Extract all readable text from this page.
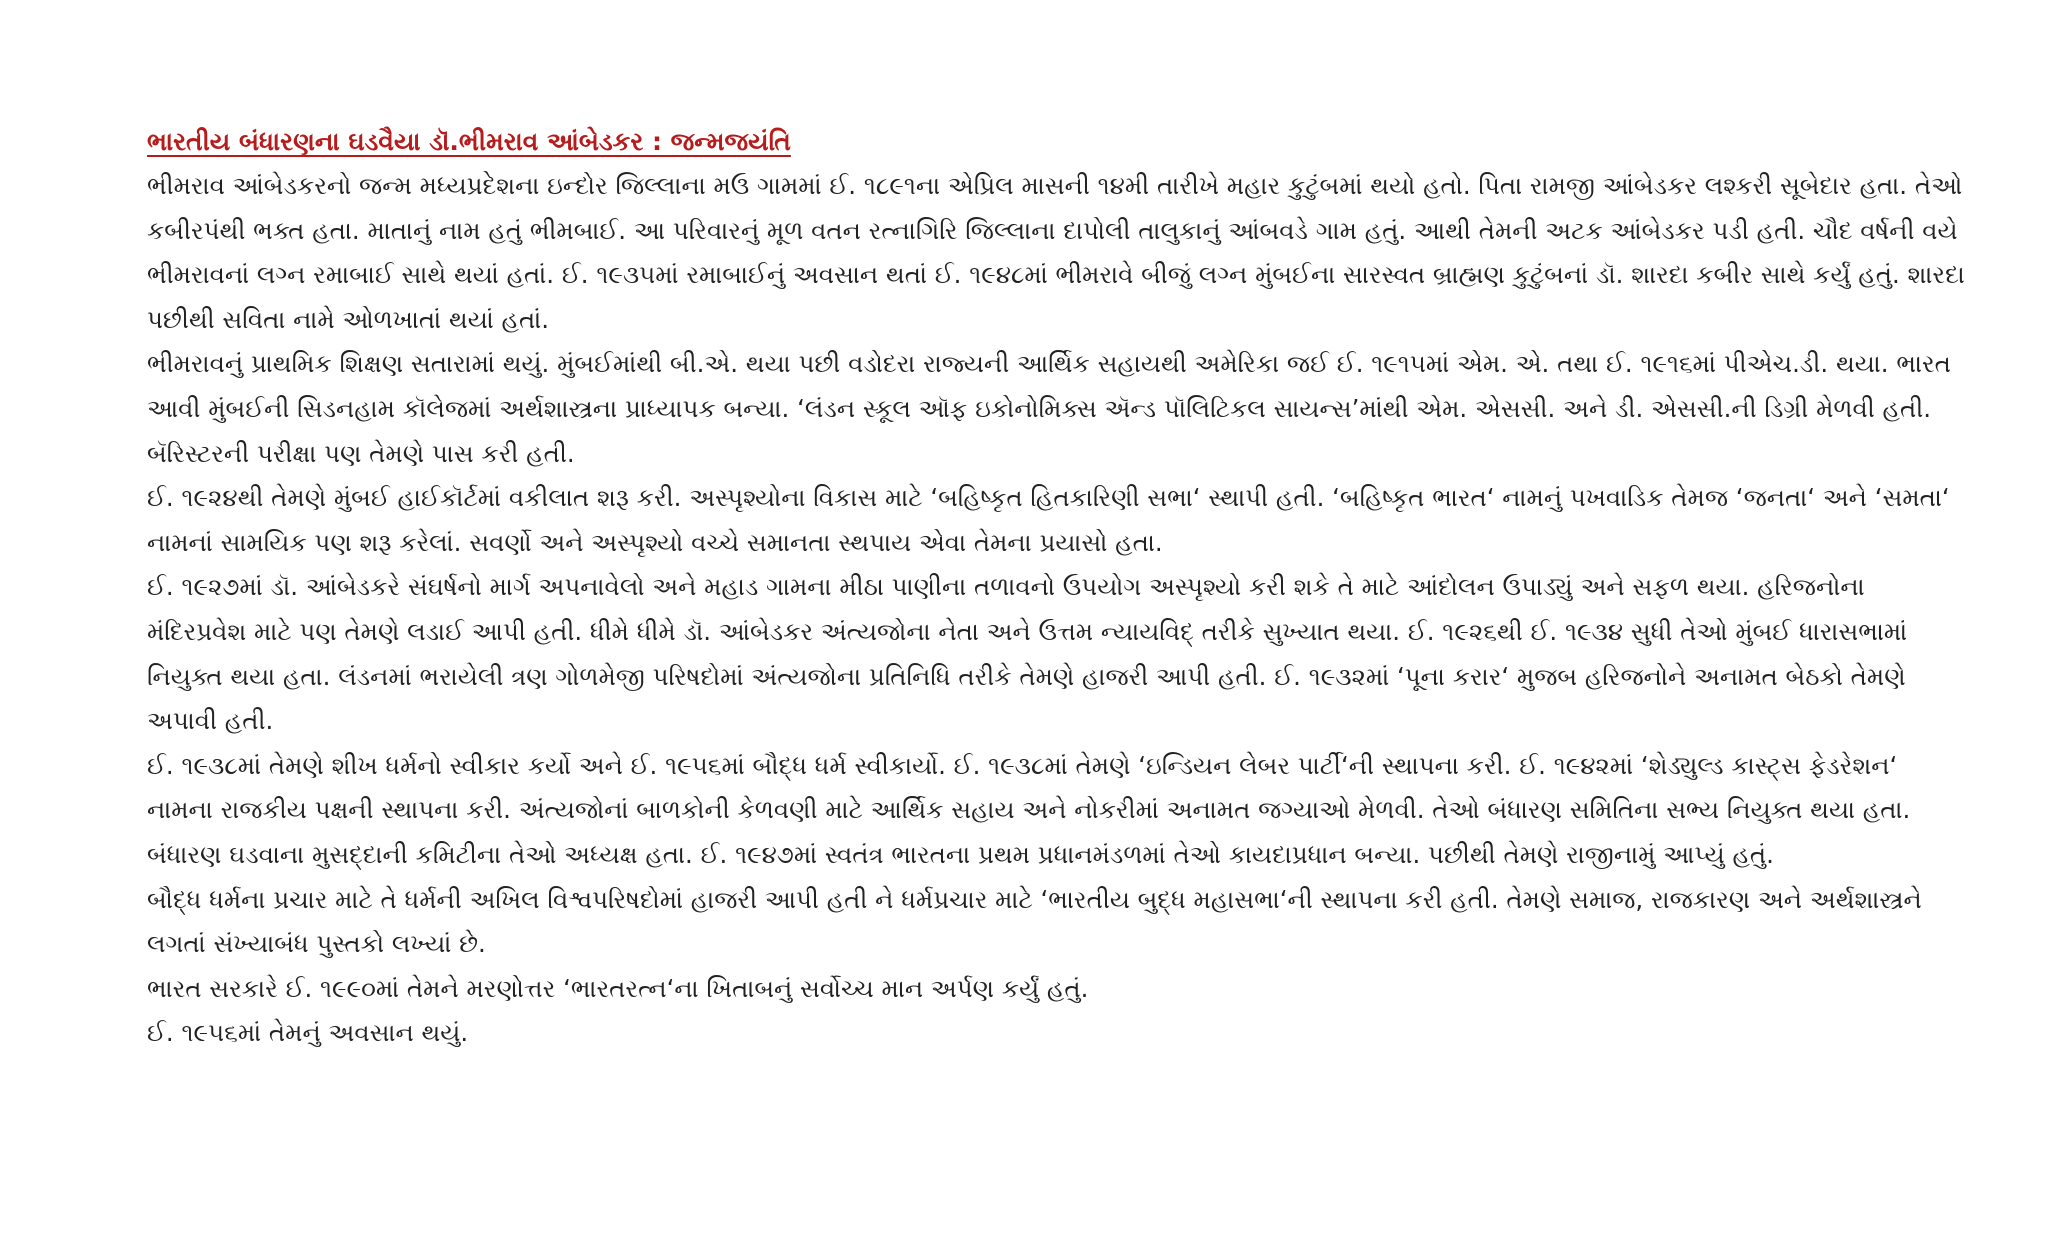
ભારતીય બંધારણના ઘડવૈયા ડૉ.ભીમરાવ આંબેડકર : જન્મજયંતિ

ભીમરાવ આંબેડકરનો જન્મ મધ્યપ્રદેશના ઇન્દોર જિલ્લાના મઉ ગામમાં ઈ. ૧૮૯૧ના એપ્રિલ માસની ૧૪મી તારીખે મહાર કુટુંબમાં થયો હતો. પિતા રામજી આંબેડકર લશ્કરી સૂબેદાર હતા. તેઓ કબીરપંથી ભક્ત હતા. માતાનું નામ હતું ભીમબાઈ. આ પરિવારનું મૂળ વતન રત્નાગિરિ જિલ્લાના દાપોલી તાલુકાનું આંબવડે ગામ હતું. આથી તેમની અટક આંબેડકર પડી હતી. ચૌદ વર્ષની વયે ભીમરાવનાં લગ્ન રમાબાઈ સાથે થયાં હતાં. ઈ. ૧૯૩૫માં રમાબાઈનું અવસાન થતાં ઈ. ૧૯૪૮માં ભીમરાવે બીજું લગ્ન મુંબઈના સારસ્વત બ્રાહ્મણ કુટુંબનાં ડૉ. શારદા કબીર સાથે કર્યું હતું. શારદા પછીથી સવિતા નામે ઓળખાતાં થયાં હતાં.

ભીમરાવનું પ્રાથમિક શિક્ષણ સતારામાં થયું. મુંબઈમાંથી બી.એ. થયા પછી વડોદરા રાજ્યની આર્થિક સહાયથી અમેરિકા જઈ ઈ. ૧૯૧૫માં એમ. એ. તથા ઈ. ૧૯૧૬માં પીએચ.ડી. થયા. ભારત આવી મુંબઈની સિડનહામ કૉલેજમાં અર્થશાસ્ત્રના પ્રાધ્યાપક બન્યા. ‘લંડન સ્કૂલ ઑફ ઇકોનોમિક્સ ઍન્ડ પૉલિટિકલ સાયન્સ’માંથી એમ. એસસી. અને ડી. એસસી.ની ડિગ્રી મેળવી હતી. બૅરિસ્ટરની પરીક્ષા પણ તેમણે પાસ કરી હતી.

ઈ. ૧૯૨૪થી તેમણે મુંબઈ હાઈકૉર્ટમાં વકીલાત શરૂ કરી. અસ્પૃશ્યોના વિકાસ માટે ‘બહિષ્કૃત હિતકારિણી સભા‘ સ્થાપી હતી. ‘બહિષ્કૃત ભારત‘ નામનું પખવાડિક તેમજ ‘જનતા‘ અને ‘સમતા‘ નામનાં સામયિક પણ શરૂ કરેલાં. સવર્ણો અને અસ્પૃશ્યો વચ્ચે સમાનતા સ્થપાય એવા તેમના પ્રયાસો હતા.

ઈ. ૧૯૨૭માં ડૉ. આંબેડકરે સંઘર્ષનો માર્ગ અપનાવેલો અને મહાડ ગામના મીઠા પાણીના તળાવનો ઉપયોગ અસ્પૃશ્યો કરી શકે તે માટે આંદોલન ઉપાડ્યું અને સફળ થયા. હરિજનોના મંદિરપ્રવેશ માટે પણ તેમણે લડાઈ આપી હતી. ધીમે ધીમે ડૉ. આંબેડકર અંત્યજોના નેતા અને ઉત્તમ ન્યાયવિદ્ તરીકે સુખ્યાત થયા. ઈ. ૧૯૨૬થી ઈ. ૧૯૩૪ સુધી તેઓ મુંબઈ ધારાસભામાં નિયુક્ત થયા હતા. લંડનમાં ભરાયેલી ત્રણ ગોળમેજી પરિષદોમાં અંત્યજોના પ્રતિનિધિ તરીકે તેમણે હાજરી આપી હતી. ઈ. ૧૯૩૨માં ‘પૂના કરાર‘ મુજબ હરિજનોને અનામત બેઠકો તેમણે અપાવી હતી.

ઈ. ૧૯૩૮માં તેમણે શીખ ધર્મનો સ્વીકાર કર્યો અને ઈ. ૧૯૫૬માં બૌદ્ધ ધર્મ સ્વીકાર્યો. ઈ. ૧૯૩૮માં તેમણે ‘ઇન્ડિયન લેબર પાર્ટી‘ની સ્થાપના કરી. ઈ. ૧૯૪૨માં ‘શેડ્યુલ્ડ કાસ્ટ્સ ફેડરેશન‘ નામના રાજકીય પક્ષની સ્થાપના કરી. અંત્યજોનાં બાળકોની કેળવણી માટે આર્થિક સહાય અને નોકરીમાં અનામત જગ્યાઓ મેળવી. તેઓ બંધારણ સમિતિના સભ્ય નિયુક્ત થયા હતા. બંધારણ ઘડવાના મુસદ્દાની કમિટીના તેઓ અધ્યક્ષ હતા. ઈ. ૧૯૪૭માં સ્વતંત્ર ભારતના પ્રથમ પ્રધાનમંડળમાં તેઓ કાયદાપ્રધાન બન્યા. પછીથી તેમણે રાજીનામું આપ્યું હતું.

બૌદ્ધ ધર્મના પ્રચાર માટે તે ધર્મની અખિલ વિશ્વપરિષદોમાં હાજરી આપી હતી ને ધર્મપ્રચાર માટે ‘ભારતીય બુદ્ધ મહાસભા‘ની સ્થાપના કરી હતી. તેમણે સમાજ, રાજકારણ અને અર્થશાસ્ત્રને લગતાં સંખ્યાબંધ પુસ્તકો લખ્યાં છે.

ભારત સરકારે ઈ. ૧૯૯૦માં તેમને મરણોત્તર ‘ભારતરત્ન‘ના ખિતાબનું સર્વોચ્ચ માન અર્પણ કર્યું હતું.

ઈ. ૧૯૫૬માં તેમનું અવસાન થયું.
